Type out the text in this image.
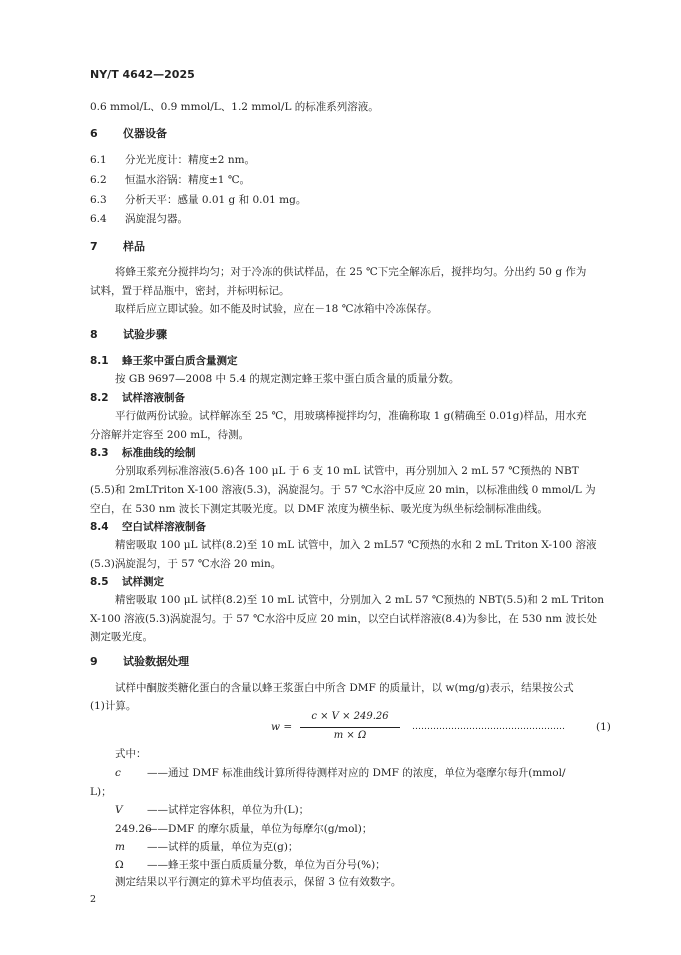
NY/T 4642—2025
0.6 mmol/L、0.9 mmol/L、1.2 mmol/L 的标准系列溶液。
6 仪器设备
6.1 分光光度计：精度±2 nm。
6.2 恒温水浴锅：精度±1 ℃。
6.3 分析天平：感量 0.01 g 和 0.01 mg。
6.4 涡旋混匀器。
7 样品
将蜂王浆充分搅拌均匀；对于冷冻的供试样品，在 25 ℃下完全解冻后，搅拌均匀。分出约 50 g 作为
试料，置于样品瓶中，密封，并标明标记。
取样后应立即试验。如不能及时试验，应在－18 ℃冰箱中冷冻保存。
8 试验步骤
8.1 蜂王浆中蛋白质含量测定
按 GB 9697—2008 中 5.4 的规定测定蜂王浆中蛋白质含量的质量分数。
8.2 试样溶液制备
平行做两份试验。试样解冻至 25 ℃，用玻璃棒搅拌均匀，准确称取 1 g(精确至 0.01g)样品，用水充
分溶解并定容至 200 mL，待测。
8.3 标准曲线的绘制
分别取系列标准溶液(5.6)各 100 μL 于 6 支 10 mL 试管中，再分别加入 2 mL 57 ℃预热的 NBT
(5.5)和 2mLTriton X-100 溶液(5.3)，涡旋混匀。于 57 ℃水浴中反应 20 min，以标准曲线 0 mmol/L 为
空白，在 530 nm 波长下测定其吸光度。以 DMF 浓度为横坐标、吸光度为纵坐标绘制标准曲线。
8.4 空白试样溶液制备
精密吸取 100 μL 试样(8.2)至 10 mL 试管中，加入 2 mL57 ℃预热的水和 2 mL Triton X-100 溶液
(5.3)涡旋混匀，于 57 ℃水浴 20 min。
8.5 试样测定
精密吸取 100 μL 试样(8.2)至 10 mL 试管中，分别加入 2 mL 57 ℃预热的 NBT(5.5)和 2 mL Triton
X-100 溶液(5.3)涡旋混匀。于 57 ℃水浴中反应 20 min，以空白试样溶液(8.4)为参比，在 530 nm 波长处
测定吸光度。
9 试验数据处理
试样中酮胺类糖化蛋白的含量以蜂王浆蛋白中所含 DMF 的质量计，以 w(mg/g)表示，结果按公式
(1)计算。
w =
c × V × 249.26
m × Ω
……………………………………………	(1)
式中：
c ——通过 DMF 标准曲线计算所得待测样对应的 DMF 的浓度，单位为毫摩尔每升(mmol/
L)；
V ——试样定容体积，单位为升(L)；
249.26
——DMF 的摩尔质量，单位为每摩尔(g/mol)；
m ——试样的质量，单位为克(g)；
Ω ——蜂王浆中蛋白质质量分数，单位为百分号(%)；
测定结果以平行测定的算术平均值表示，保留 3 位有效数字。
2
